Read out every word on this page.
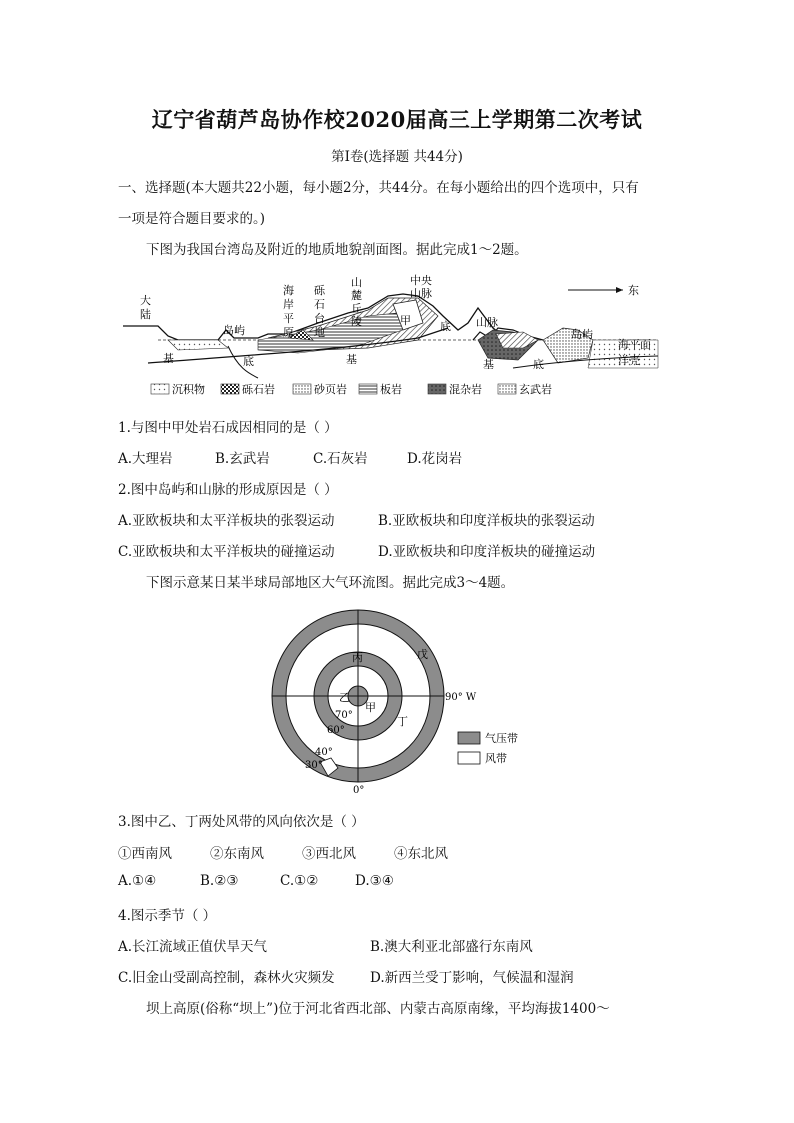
辽宁省葫芦岛协作校2020届高三上学期第二次考试
第Ⅰ卷(选择题 共44分)
一、选择题(本大题共22小题，每小题2分，共44分。在每小题给出的四个选项中，只有
一项是符合题目要求的。)
下图为我国台湾岛及附近的地质地貌剖面图。据此完成1～2题。
大
陆
岛屿
海
岸
平
原
砾
石
台
地
山
麓
丘
陵
中央
山脉
甲	底
基	底	基
山脉
岛屿
基	底
东
海平面
洋壳
沉积物	砾石岩	砂页岩	板岩	混杂岩	玄武岩
1.与图中甲处岩石成因相同的是（ ）
A.大理岩	B.玄武岩	C.石灰岩	D.花岗岩
2.图中岛屿和山脉的形成原因是（ ）
A.亚欧板块和太平洋板块的张裂运动	B.亚欧板块和印度洋板块的张裂运动
C.亚欧板块和太平洋板块的碰撞运动	D.亚欧板块和印度洋板块的碰撞运动
下图示意某日某半球局部地区大气环流图。据此完成3～4题。
戊
丙
乙
甲
丁
90° W
0°
70°
60°
40°
30°
气压带
风带
3.图中乙、丁两处风带的风向依次是（ ）
①西南风	②东南风	③西北风	④东北风
A.①④	B.②③	C.①②	D.③④
4.图示季节（ ）
A.长江流域正值伏旱天气	B.澳大利亚北部盛行东南风
C.旧金山受副高控制，森林火灾频发	D.新西兰受丁影响，气候温和湿润
坝上高原(俗称“坝上”)位于河北省西北部、内蒙古高原南缘，平均海拔1400～
